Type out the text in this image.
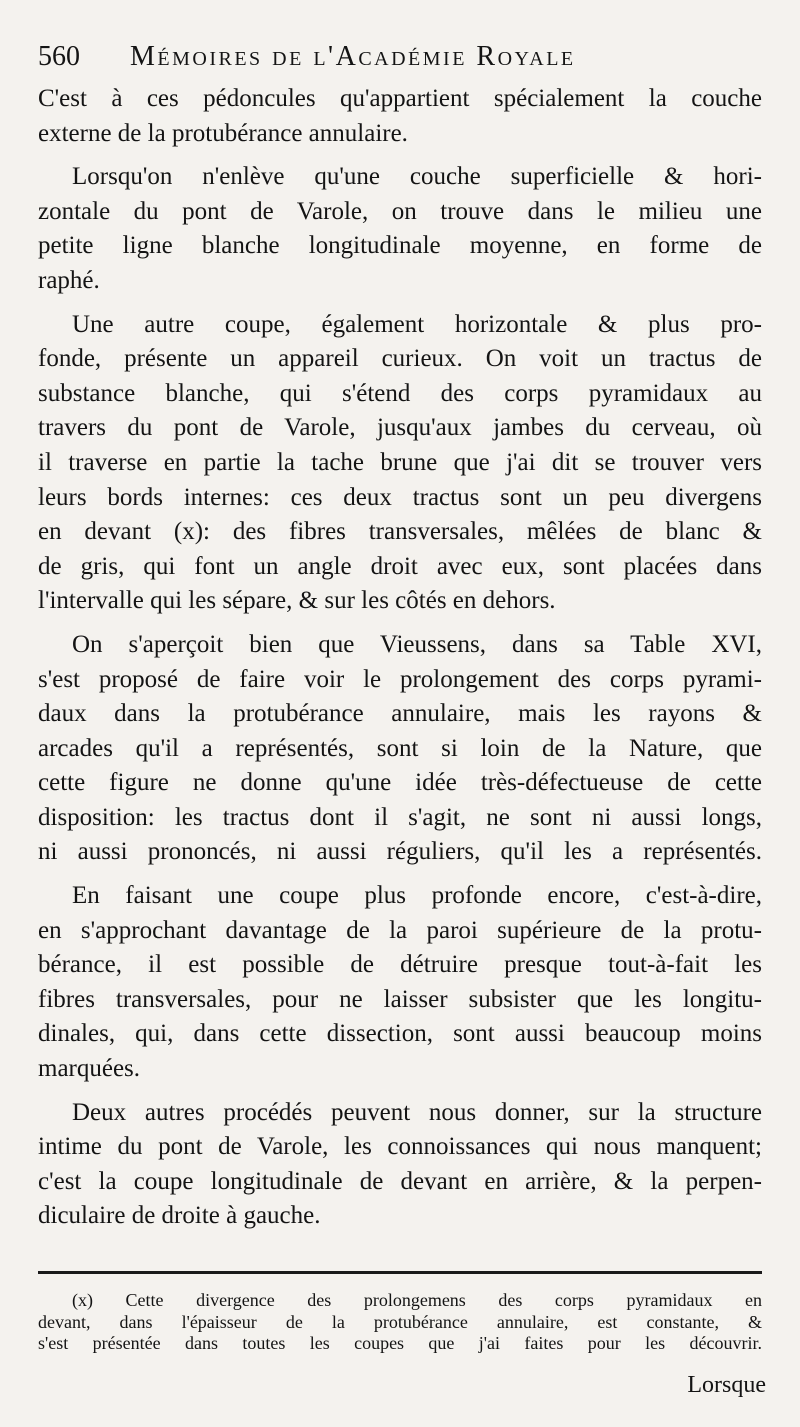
560 Mémoires de l'Académie Royale
C'est à ces pédoncules qu'appartient spécialement la couche
externe de la protubérance annulaire.
Lorsqu'on n'enlève qu'une couche superficielle & hori-
zontale du pont de Varole, on trouve dans le milieu une
petite ligne blanche longitudinale moyenne, en forme de
raphé.
Une autre coupe, également horizontale & plus pro-
fonde, présente un appareil curieux. On voit un tractus de
substance blanche, qui s'étend des corps pyramidaux au
travers du pont de Varole, jusqu'aux jambes du cerveau, où
il traverse en partie la tache brune que j'ai dit se trouver vers
leurs bords internes: ces deux tractus sont un peu divergens
en devant (x): des fibres transversales, mêlées de blanc &
de gris, qui font un angle droit avec eux, sont placées dans
l'intervalle qui les sépare, & sur les côtés en dehors.
On s'aperçoit bien que Vieussens, dans sa Table XVI,
s'est proposé de faire voir le prolongement des corps pyrami-
daux dans la protubérance annulaire, mais les rayons &
arcades qu'il a représentés, sont si loin de la Nature, que
cette figure ne donne qu'une idée très-défectueuse de cette
disposition: les tractus dont il s'agit, ne sont ni aussi longs,
ni aussi prononcés, ni aussi réguliers, qu'il les a représentés.
En faisant une coupe plus profonde encore, c'est-à-dire,
en s'approchant davantage de la paroi supérieure de la protu-
bérance, il est possible de détruire presque tout-à-fait les
fibres transversales, pour ne laisser subsister que les longitu-
dinales, qui, dans cette dissection, sont aussi beaucoup moins
marquées.
Deux autres procédés peuvent nous donner, sur la structure
intime du pont de Varole, les connoissances qui nous manquent;
c'est la coupe longitudinale de devant en arrière, & la perpen-
diculaire de droite à gauche.
(x) Cette divergence des prolongemens des corps pyramidaux en
devant, dans l'épaisseur de la protubérance annulaire, est constante, &
s'est présentée dans toutes les coupes que j'ai faites pour les découvrir.
Lorsque
